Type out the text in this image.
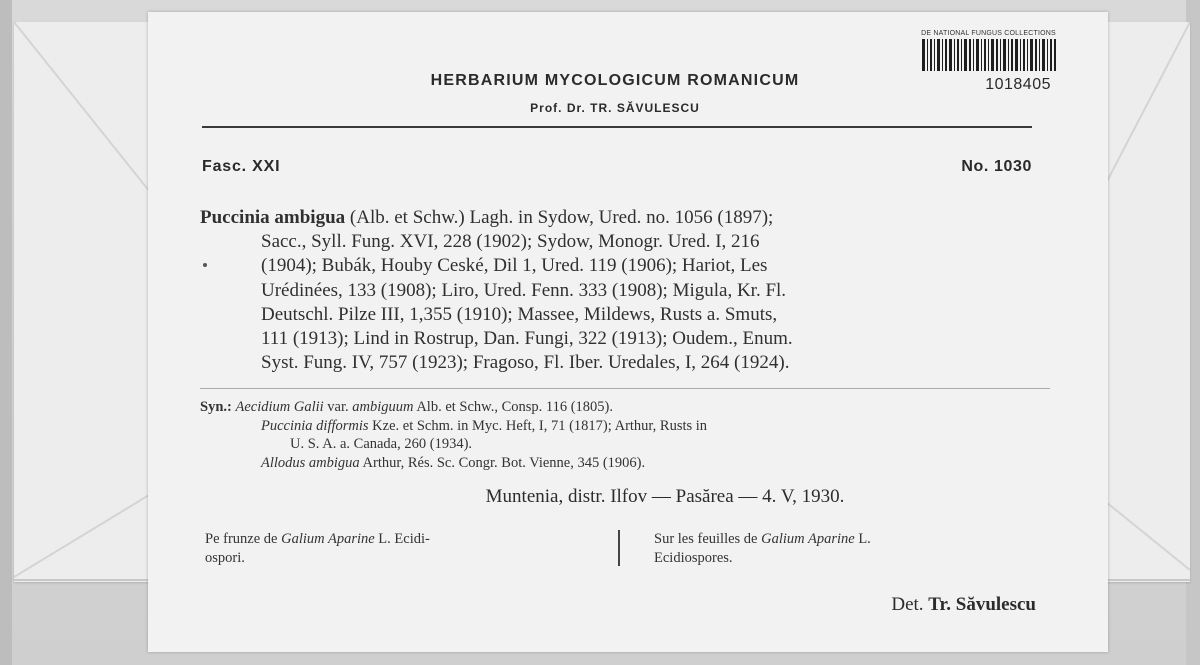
DE NATIONAL FUNGUS COLLECTIONS
1018405
HERBARIUM MYCOLOGICUM ROMANICUM
Prof. Dr. TR. SĂVULESCU
Fasc. XXI	No. 1030
Puccinia ambigua (Alb. et Schw.) Lagh. in Sydow, Ured. no. 1056 (1897);
Sacc., Syll. Fung. XVI, 228 (1902); Sydow, Monogr. Ured. I, 216
(1904); Bubák, Houby Ceské, Dil 1, Ured. 119 (1906); Hariot, Les
Urédinées, 133 (1908); Liro, Ured. Fenn. 333 (1908); Migula, Kr. Fl.
Deutschl. Pilze III, 1,355 (1910); Massee, Mildews, Rusts a. Smuts,
111 (1913); Lind in Rostrup, Dan. Fungi, 322 (1913); Oudem., Enum.
Syst. Fung. IV, 757 (1923); Fragoso, Fl. Iber. Uredales, I, 264 (1924).
Syn.: Aecidium Galii var. ambiguum Alb. et Schw., Consp. 116 (1805).
Puccinia difformis Kze. et Schm. in Myc. Heft, I, 71 (1817); Arthur, Rusts in
U. S. A. a. Canada, 260 (1934).
Allodus ambigua Arthur, Rés. Sc. Congr. Bot. Vienne, 345 (1906).
Muntenia, distr. Ilfov — Pasărea — 4. V, 1930.
Pe frunze de Galium Aparine L. Ecidi-
ospori.
Sur les feuilles de Galium Aparine L.
Ecidiospores.
Det. Tr. Săvulescu
